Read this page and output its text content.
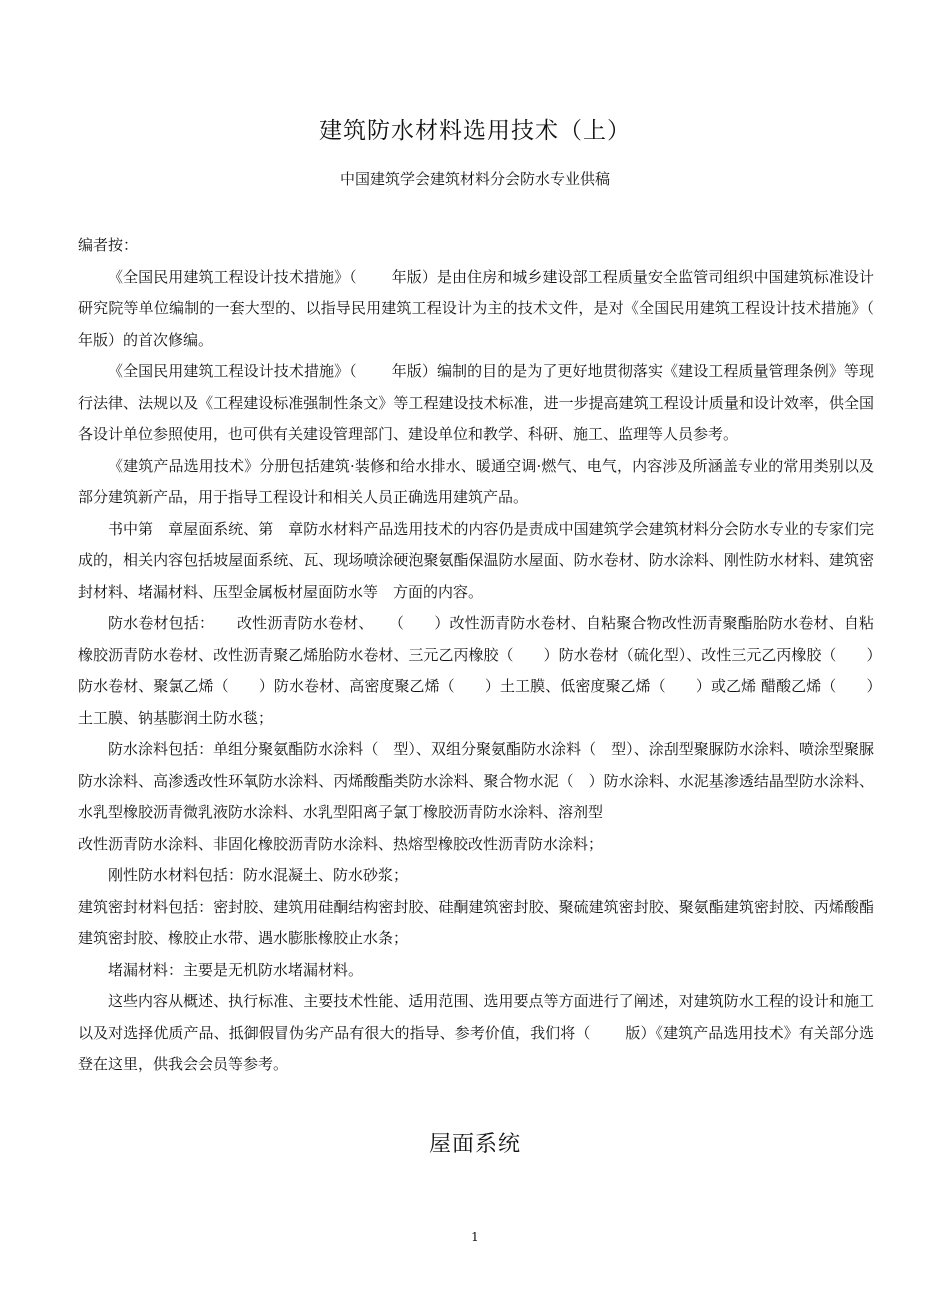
建筑防水材料选用技术（上）
中国建筑学会建筑材料分会防水专业供稿

编者按：

《全国民用建筑工程设计技术措施》（　　 年版）是由住房和城乡建设部工程质量安全监管司组织中国建筑标准设计研究院等单位编制的一套大型的、以指导民用建筑工程设计为主的技术文件，是对《全国民用建筑工程设计技术措施》（　　 年版）的首次修编。

《全国民用建筑工程设计技术措施》（　　 年版）编制的目的是为了更好地贯彻落实《建设工程质量管理条例》等现行法律、法规以及《工程建设标准强制性条文》等工程建设技术标准，进一步提高建筑工程设计质量和设计效率，供全国各设计单位参照使用，也可供有关建设管理部门、建设单位和教学、科研、施工、监理等人员参考。

《建筑产品选用技术》分册包括建筑·装修和给水排水、暖通空调·燃气、电气，内容涉及所涵盖专业的常用类别以及部分建筑新产品，用于指导工程设计和相关人员正确选用建筑产品。

书中第　章屋面系统、第　章防水材料产品选用技术的内容仍是责成中国建筑学会建筑材料分会防水专业的专家们完成的，相关内容包括坡屋面系统、瓦、现场喷涂硬泡聚氨酯保温防水屋面、防水卷材、防水涂料、刚性防水材料、建筑密封材料、堵漏材料、压型金属板材屋面防水等　方面的内容。

防水卷材包括：　　改性沥青防水卷材、　　（　　）改性沥青防水卷材、自粘聚合物改性沥青聚酯胎防水卷材、自粘橡胶沥青防水卷材、改性沥青聚乙烯胎防水卷材、三元乙丙橡胶（　　）防水卷材（硫化型）、改性三元乙丙橡胶（　　）防水卷材、聚氯乙烯（　　）防水卷材、高密度聚乙烯（　　）土工膜、低密度聚乙烯（　　）或乙烯 醋酸乙烯（　　）土工膜、钠基膨润土防水毯；

防水涂料包括：单组分聚氨酯防水涂料（　型）、双组分聚氨酯防水涂料（　型）、涂刮型聚脲防水涂料、喷涂型聚脲防水涂料、高渗透改性环氧防水涂料、丙烯酸酯类防水涂料、聚合物水泥（　）防水涂料、水泥基渗透结晶型防水涂料、水乳型橡胶沥青微乳液防水涂料、水乳型阳离子氯丁橡胶沥青防水涂料、溶剂型

改性沥青防水涂料、非固化橡胶沥青防水涂料、热熔型橡胶改性沥青防水涂料；

刚性防水材料包括：防水混凝土、防水砂浆；

建筑密封材料包括：密封胶、建筑用硅酮结构密封胶、硅酮建筑密封胶、聚硫建筑密封胶、聚氨酯建筑密封胶、丙烯酸酯建筑密封胶、橡胶止水带、遇水膨胀橡胶止水条；

堵漏材料：主要是无机防水堵漏材料。

这些内容从概述、执行标准、主要技术性能、适用范围、选用要点等方面进行了阐述，对建筑防水工程的设计和施工以及对选择优质产品、抵御假冒伪劣产品有很大的指导、参考价值，我们将（　　 版）《建筑产品选用技术》有关部分选登在这里，供我会会员等参考。

屋面系统
1
